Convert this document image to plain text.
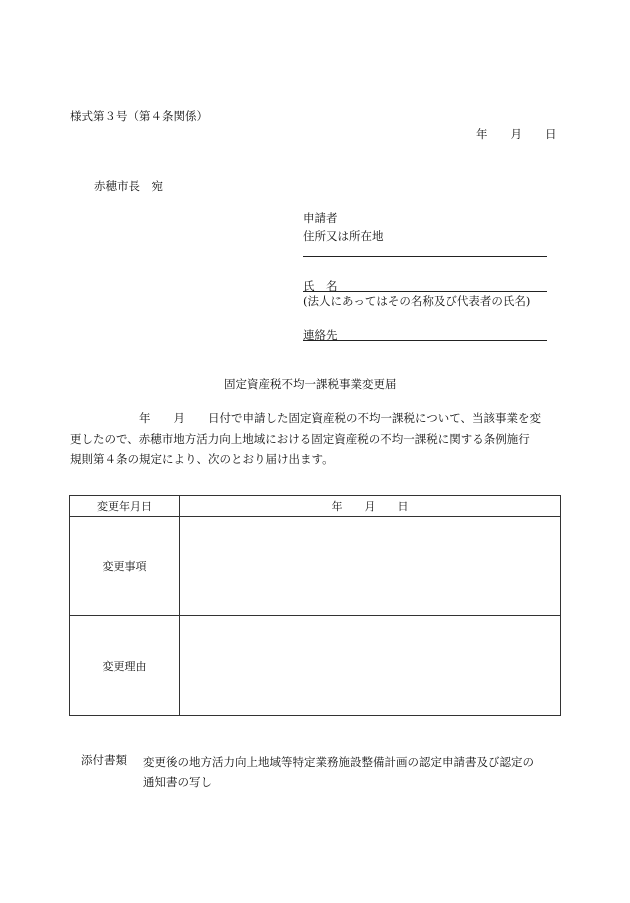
様式第３号（第４条関係）
年　　月　　日
赤穂市長　宛
申請者
住所又は所在地
氏　名
(法人にあってはその名称及び代表者の氏名)
連絡先
固定資産税不均一課税事業変更届
　　　　　　年　　月　　日付で申請した固定資産税の不均一課税について、当該事業を変
更したので、赤穂市地方活力向上地域における固定資産税の不均一課税に関する条例施行
規則第４条の規定により、次のとおり届け出ます。
変更年月日	年　　月　　日
変更事項	
変更理由	
添付書類 変更後の地方活力向上地域等特定業務施設整備計画の認定申請書及び認定の
通知書の写し
